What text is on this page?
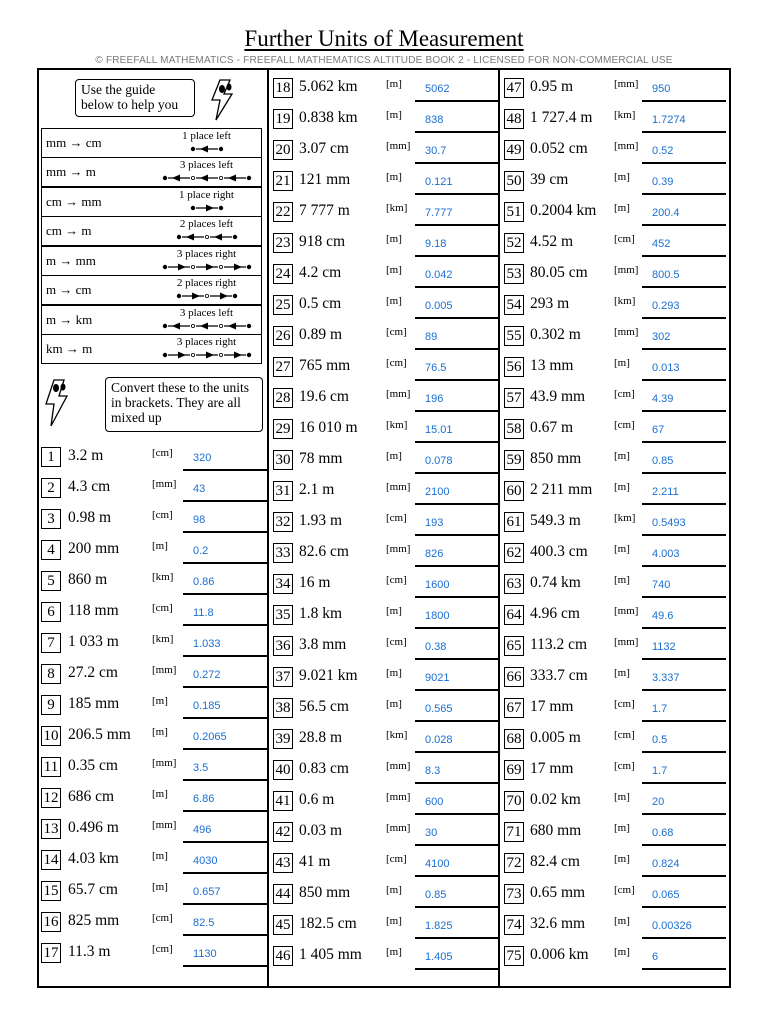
Further Units of Measurement
© FREEFALL MATHEMATICS - FREEFALL MATHEMATICS ALTITUDE BOOK 2 - LICENSED FOR NON-COMMERCIAL USE
Use the guide below to help you
mm → cm	1 place left
mm → m	3 places left
cm → mm	1 place right
cm → m	2 places left
m → mm	3 places right
m → cm	2 places right
m → km	3 places left
km → m	3 places right
Convert these to the units in brackets. They are all mixed up
1 3.2 m	[cm] 320
2 4.3 cm	[mm] 43
3 0.98 m	[cm] 98
4 200 mm	[m] 0.2
5 860 m	[km] 0.86
6 118 mm	[cm] 11.8
7 1 033 m	[km] 1.033
8 27.2 cm	[mm] 0.272
9 185 mm	[m] 0.185
10 206.5 mm [m] 0.2065
11 0.35 cm	[mm] 3.5
12 686 cm	[m] 6.86
13 0.496 m	[mm] 496
14 4.03 km	[m] 4030
15 65.7 cm	[m] 0.657
16 825 mm	[cm] 82.5
17 11.3 m	[cm] 1130
18 5.062 km	[m] 5062
19 0.838 km	[m] 838
20 3.07 cm	[mm] 30.7
21 121 mm	[m] 0.121
22 7 777 m	[km] 7.777
23 918 cm	[m] 9.18
24 4.2 cm	[m] 0.042
25 0.5 cm	[m] 0.005
26 0.89 m	[cm] 89
27 765 mm	[cm] 76.5
28 19.6 cm	[mm] 196
29 16 010 m	[km] 15.01
30 78 mm	[m] 0.078
31 2.1 m	[mm] 2100
32 1.93 m	[cm] 193
33 82.6 cm	[mm] 826
34 16 m	[cm] 1600
35 1.8 km	[m] 1800
36 3.8 mm	[cm] 0.38
37 9.021 km	[m] 9021
38 56.5 cm	[m] 0.565
39 28.8 m	[km] 0.028
40 0.83 cm	[mm] 8.3
41 0.6 m	[mm] 600
42 0.03 m	[mm] 30
43 41 m	[cm] 4100
44 850 mm	[m] 0.85
45 182.5 cm	[m] 1.825
46 1 405 mm [m] 1.405
47 0.95 m	[mm] 950
48 1 727.4 m [km] 1.7274
49 0.052 cm [mm] 0.52
50 39 cm	[m] 0.39
51 0.2004 km [m] 200.4
52 4.52 m	[cm] 452
53 80.05 cm [mm] 800.5
54 293 m	[km] 0.293
55 0.302 m	[mm] 302
56 13 mm	[m] 0.013
57 43.9 mm	[cm] 4.39
58 0.67 m	[cm] 67
59 850 mm	[m] 0.85
60 2 211 mm [m] 2.211
61 549.3 m	[km] 0.5493
62 400.3 cm [m] 4.003
63 0.74 km	[m] 740
64 4.96 cm	[mm] 49.6
65 113.2 cm [mm] 1132
66 333.7 cm [m] 3.337
67 17 mm	[cm] 1.7
68 0.005 m	[cm] 0.5
69 17 mm	[cm] 1.7
70 0.02 km	[m] 20
71 680 mm	[m] 0.68
72 82.4 cm	[m] 0.824
73 0.65 mm	[cm] 0.065
74 32.6 mm	[m] 0.00326
75 0.006 km [m] 6
